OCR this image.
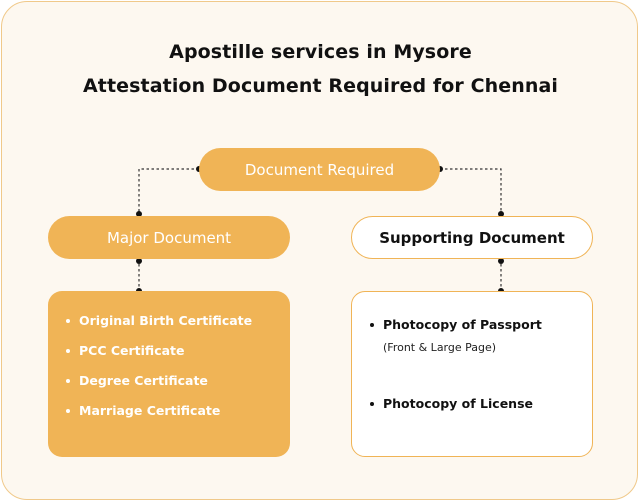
Apostille services in Mysore
Attestation Document Required for Chennai
Document Required
Major Document	Supporting Document
Original Birth Certificate
PCC Certificate
Degree Certificate
Marriage Certificate
Photocopy of Passport
(Front & Large Page)
Photocopy of License
